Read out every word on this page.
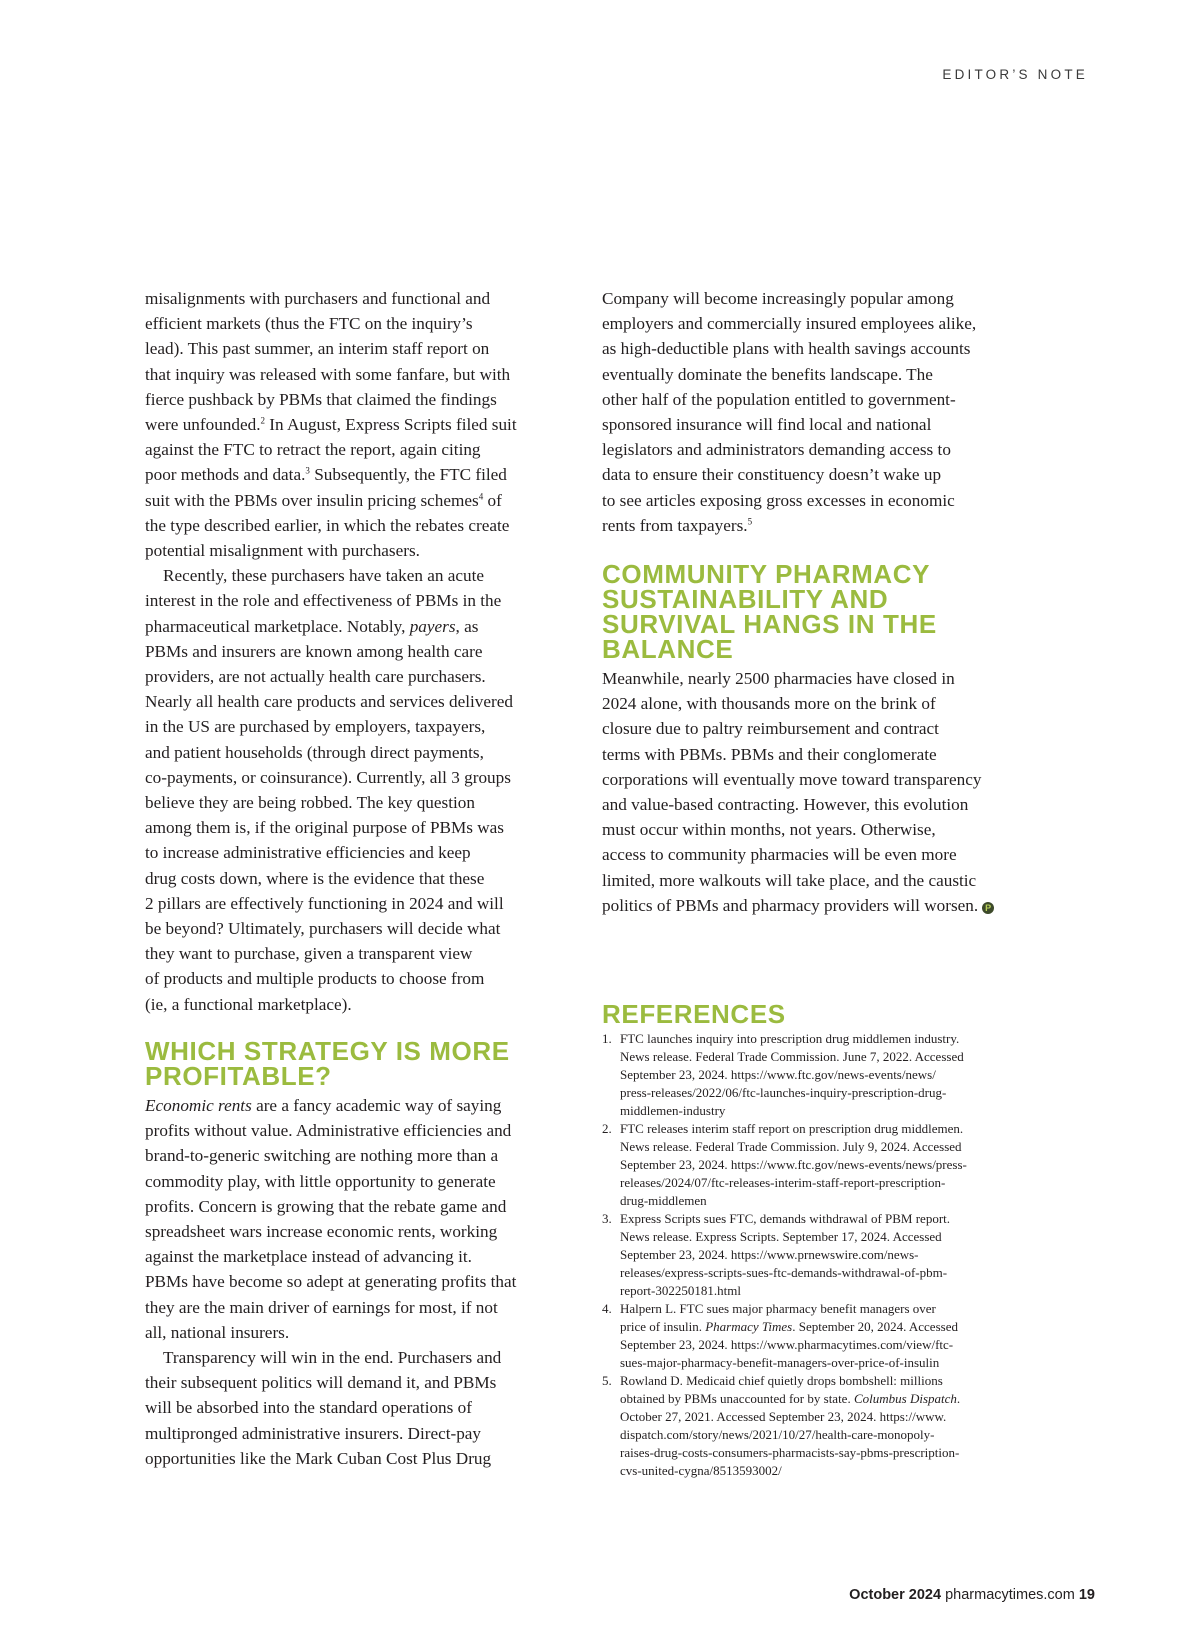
EDITOR’S NOTE

misalignments with purchasers and functional and
efficient markets (thus the FTC on the inquiry’s
lead). This past summer, an interim staff report on
that inquiry was released with some fanfare, but with
fierce pushback by PBMs that claimed the findings
were unfounded.$^2$ In August, Express Scripts filed suit
against the FTC to retract the report, again citing
poor methods and data.$^3$ Subsequently, the FTC filed
suit with the PBMs over insulin pricing schemes$^4$ of
the type described earlier, in which the rebates create
potential misalignment with purchasers.

Recently, these purchasers have taken an acute
interest in the role and effectiveness of PBMs in the
pharmaceutical marketplace. Notably, payers, as
PBMs and insurers are known among health care
providers, are not actually health care purchasers.
Nearly all health care products and services delivered
in the US are purchased by employers, taxpayers,
and patient households (through direct payments,
co-payments, or coinsurance). Currently, all 3 groups
believe they are being robbed. The key question
among them is, if the original purpose of PBMs was
to increase administrative efficiencies and keep
drug costs down, where is the evidence that these
2 pillars are effectively functioning in 2024 and will
be beyond? Ultimately, purchasers will decide what
they want to purchase, given a transparent view
of products and multiple products to choose from
(ie, a functional marketplace).

WHICH STRATEGY IS MORE
PROFITABLE?

Economic rents are a fancy academic way of saying
profits without value. Administrative efficiencies and
brand-to-generic switching are nothing more than a
commodity play, with little opportunity to generate
profits. Concern is growing that the rebate game and
spreadsheet wars increase economic rents, working
against the marketplace instead of advancing it.
PBMs have become so adept at generating profits that
they are the main driver of earnings for most, if not
all, national insurers.

Transparency will win in the end. Purchasers and
their subsequent politics will demand it, and PBMs
will be absorbed into the standard operations of
multipronged administrative insurers. Direct-pay
opportunities like the Mark Cuban Cost Plus Drug

Company will become increasingly popular among
employers and commercially insured employees alike,
as high-deductible plans with health savings accounts
eventually dominate the benefits landscape. The
other half of the population entitled to government-
sponsored insurance will find local and national
legislators and administrators demanding access to
data to ensure their constituency doesn’t wake up
to see articles exposing gross excesses in economic
rents from taxpayers.$^5$

COMMUNITY PHARMACY
SUSTAINABILITY AND
SURVIVAL HANGS IN THE
BALANCE

Meanwhile, nearly 2500 pharmacies have closed in
2024 alone, with thousands more on the brink of
closure due to paltry reimbursement and contract
terms with PBMs. PBMs and their conglomerate
corporations will eventually move toward transparency
and value-based contracting. However, this evolution
must occur within months, not years. Otherwise,
access to community pharmacies will be even more
limited, more walkouts will take place, and the caustic
politics of PBMs and pharmacy providers will worsen. P

REFERENCES
1. FTC launches inquiry into prescription drug middlemen industry.
News release. Federal Trade Commission. June 7, 2022. Accessed
September 23, 2024. https://www.ftc.gov/news-events/news/
press-releases/2022/06/ftc-launches-inquiry-prescription-drug-
middlemen-industry
2. FTC releases interim staff report on prescription drug middlemen.
News release. Federal Trade Commission. July 9, 2024. Accessed
September 23, 2024. https://www.ftc.gov/news-events/news/press-
releases/2024/07/ftc-releases-interim-staff-report-prescription-
drug-middlemen
3. Express Scripts sues FTC, demands withdrawal of PBM report.
News release. Express Scripts. September 17, 2024. Accessed
September 23, 2024. https://www.prnewswire.com/news-
releases/express-scripts-sues-ftc-demands-withdrawal-of-pbm-
report-302250181.html
4. Halpern L. FTC sues major pharmacy benefit managers over
price of insulin. Pharmacy Times. September 20, 2024. Accessed
September 23, 2024. https://www.pharmacytimes.com/view/ftc-
sues-major-pharmacy-benefit-managers-over-price-of-insulin
5. Rowland D. Medicaid chief quietly drops bombshell: millions
obtained by PBMs unaccounted for by state. Columbus Dispatch.
October 27, 2021. Accessed September 23, 2024. https://www.
dispatch.com/story/news/2021/10/27/health-care-monopoly-
raises-drug-costs-consumers-pharmacists-say-pbms-prescription-
cvs-united-cygna/8513593002/
October 2024 pharmacytimes.com 19
